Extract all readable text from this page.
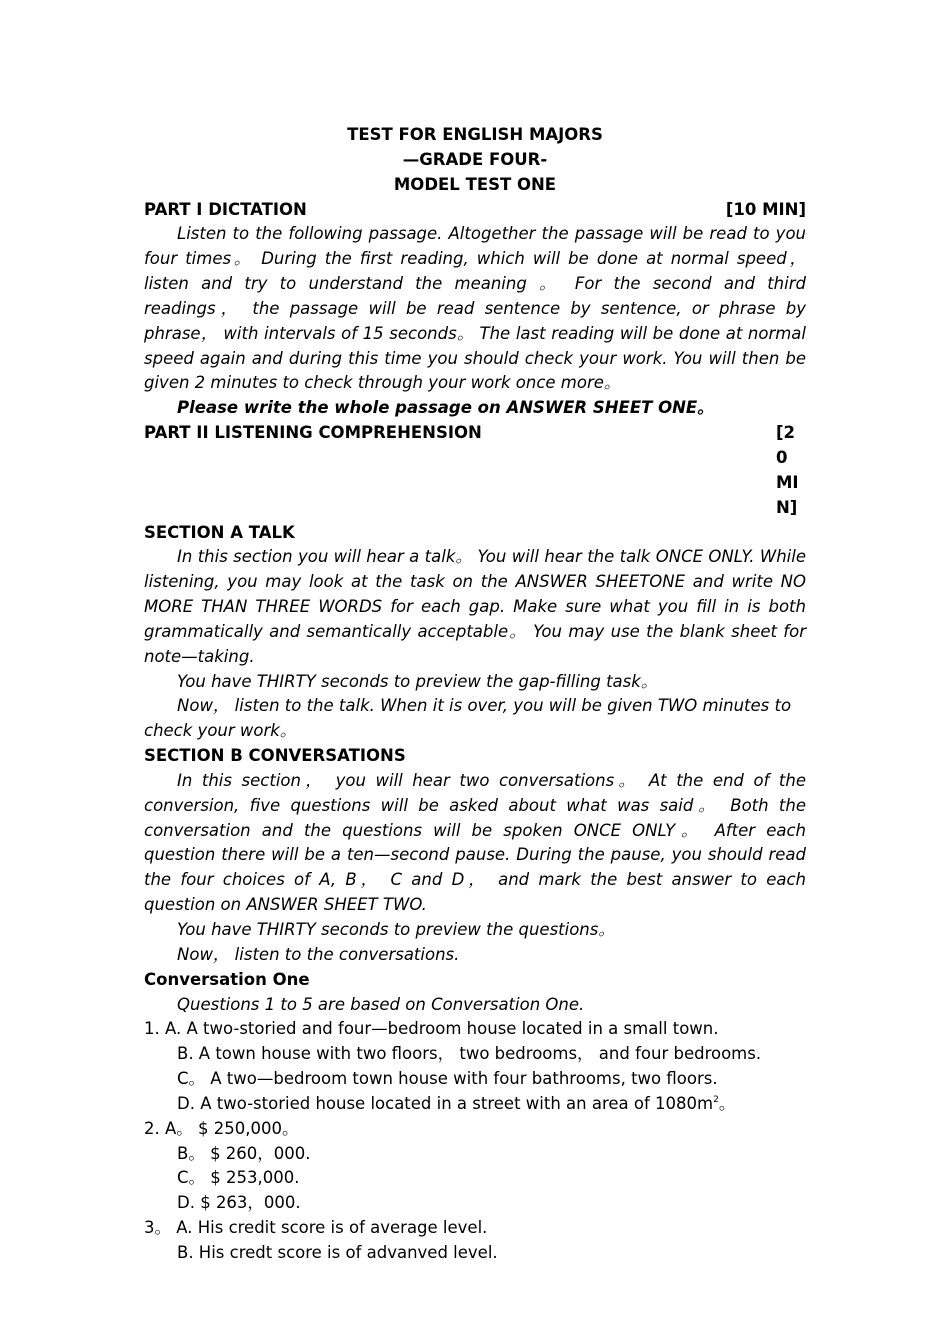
TEST FOR ENGLISH MAJORS
—GRADE FOUR-
MODEL TEST ONE
PART I DICTATION	[10 MIN]

Listen to the following passage. Altogether the passage will be read to you four times。 During the first reading, which will be done at normal speed， listen and try to understand the meaning 。 For the second and third readings， the passage will be read sentence by sentence, or phrase by phrase， with intervals of 15 seconds。 The last reading will be done at normal speed again and during this time you should check your work. You will then be given 2 minutes to check through your work once more。

Please write the whole passage on ANSWER SHEET ONE。

PART II LISTENING COMPREHENSION	[20 MIN]
SECTION A TALK

In this section you will hear a talk。 You will hear the talk ONCE ONLY. While listening, you may look at the task on the ANSWER SHEETONE and write NO MORE THAN THREE WORDS for each gap. Make sure what you fill in is both grammatically and semantically acceptable。 You may use the blank sheet for note—taking.

You have THIRTY seconds to preview the gap-filling task。

Now， listen to the talk. When it is over, you will be given TWO minutes to check your work。

SECTION B CONVERSATIONS

In this section， you will hear two conversations。 At the end of the conversion, five questions will be asked about what was said。 Both the conversation and the questions will be spoken ONCE ONLY。 After each question there will be a ten—second pause. During the pause, you should read the four choices of A, B， C and D， and mark the best answer to each question on ANSWER SHEET TWO.

You have THIRTY seconds to preview the questions。

Now， listen to the conversations.

Conversation One

Questions 1 to 5 are based on Conversation One.

1. A. A two-storied and four—bedroom house located in a small town.

B. A town house with two floors， two bedrooms， and four bedrooms.

C。 A two—bedroom town house with four bathrooms, two floors.

D. A two-storied house located in a street with an area of $1080m^2$。

2. A。 $ 250,000。

B。 $ 260，000.

C。 $ 253,000.

D. $ 263，000.

3。 A. His credit score is of average level.

B. His credt score is of advanved level.
